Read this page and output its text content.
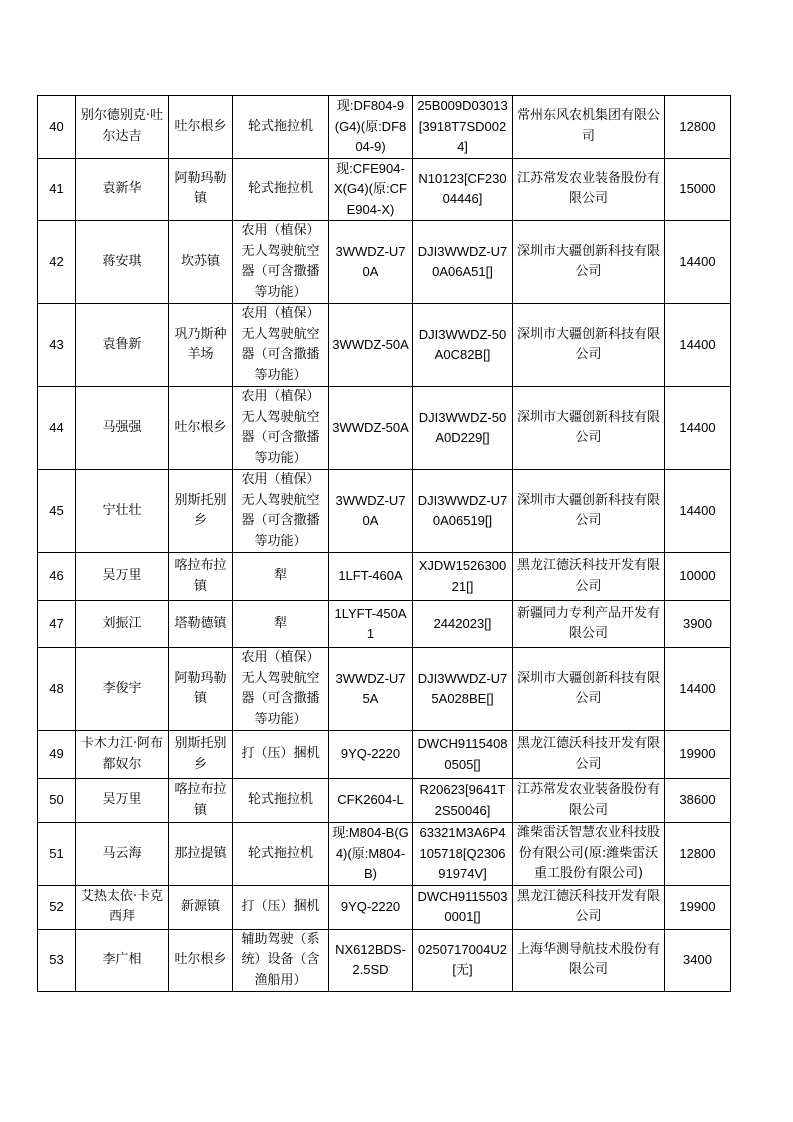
40	别尔德别克·吐尔达吉	吐尔根乡	轮式拖拉机	现:DF804-9(G4)(原:DF804-9)	25B009D03013[3918T7SD0024]	常州东风农机集团有限公司	12800
41	袁新华	阿勒玛勒镇	轮式拖拉机	现:CFE904-X(G4)(原:CFE904-X)	N10123[CF23004446]	江苏常发农业装备股份有限公司	15000
42	蒋安琪	坎苏镇	农用（植保）无人驾驶航空器（可含撒播等功能）	3WWDZ-U70A	DJI3WWDZ-U70A06A51[]	深圳市大疆创新科技有限公司	14400
43	袁鲁新	巩乃斯种羊场	农用（植保）无人驾驶航空器（可含撒播等功能）	3WWDZ-50A	DJI3WWDZ-50A0C82B[]	深圳市大疆创新科技有限公司	14400
44	马强强	吐尔根乡	农用（植保）无人驾驶航空器（可含撒播等功能）	3WWDZ-50A	DJI3WWDZ-50A0D229[]	深圳市大疆创新科技有限公司	14400
45	宁壮壮	别斯托别乡	农用（植保）无人驾驶航空器（可含撒播等功能）	3WWDZ-U70A	DJI3WWDZ-U70A06519[]	深圳市大疆创新科技有限公司	14400
46	吴万里	喀拉布拉镇	犁	1LFT-460A	XJDW152630021[]	黑龙江德沃科技开发有限公司	10000
47	刘振江	塔勒德镇	犁	1LYFT-450A1	2442023[]	新疆同力专利产品开发有限公司	3900
48	李俊宇	阿勒玛勒镇	农用（植保）无人驾驶航空器（可含撒播等功能）	3WWDZ-U75A	DJI3WWDZ-U75A028BE[]	深圳市大疆创新科技有限公司	14400
49	卡木力江·阿布都奴尔	别斯托别乡	打（压）捆机	9YQ-2220	DWCH91154080505[]	黑龙江德沃科技开发有限公司	19900
50	吴万里	喀拉布拉镇	轮式拖拉机	CFK2604-L	R20623[9641T2S50046]	江苏常发农业装备股份有限公司	38600
51	马云海	那拉提镇	轮式拖拉机	现:M804-B(G4)(原:M804-B)	63321M3A6P4105718[Q230691974V]	潍柴雷沃智慧农业科技股份有限公司(原:潍柴雷沃重工股份有限公司)	12800
52	艾热太依·卡克西拜	新源镇	打（压）捆机	9YQ-2220	DWCH91155030001[]	黑龙江德沃科技开发有限公司	19900
53	李广相	吐尔根乡	辅助驾驶（系统）设备（含渔船用）	NX612BDS-2.5SD	0250717004U2[无]	上海华测导航技术股份有限公司	3400
